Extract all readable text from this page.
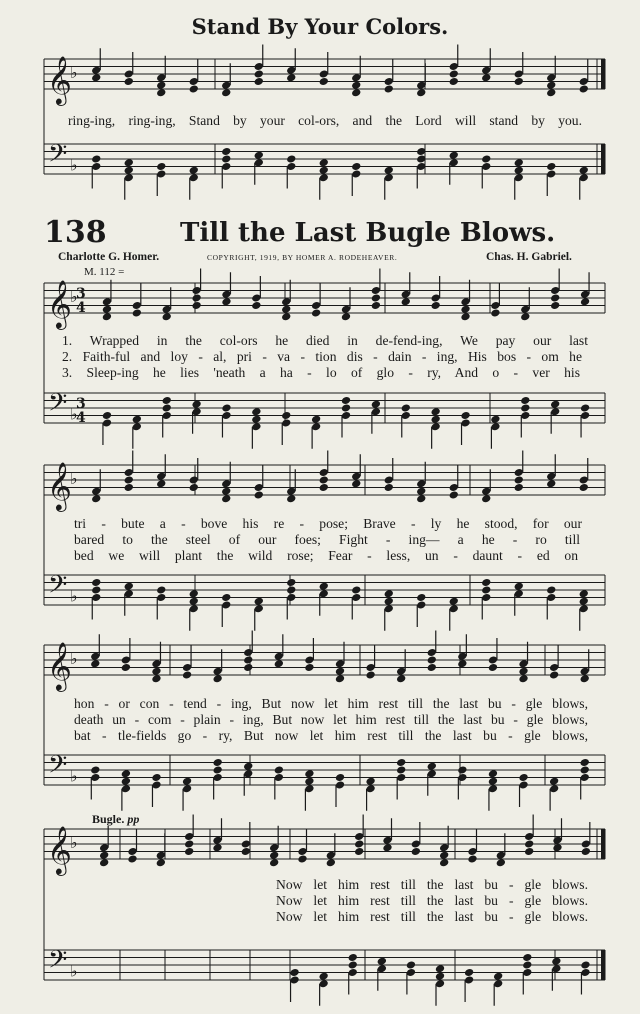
Stand By Your Colors.
ring-ing, ring-ing, Stand by your col-ors, and the Lord will stand by you.
138	Till the Last Bugle Blows.
Charlotte G. Homer.	COPYRIGHT, 1919, BY HOMER A. RODEHEAVER.	Chas. H. Gabriel.
M. 112 =
1. Wrapped in the col-ors he died in de-fend-ing, We pay our last
2. Faith-ful and loy - al, pri - va - tion dis - dain - ing, His bos - om he
3. Sleep-ing he lies 'neath a ha - lo of glo - ry, And o - ver his
tri - bute a - bove his re - pose; Brave - ly he stood, for our
bared to the steel of our foes; Fight - ing— a he - ro till
bed we will plant the wild rose; Fear - less, un - daunt - ed on
hon - or con - tend - ing, But now let him rest till the last bu - gle blows,
death un - com - plain - ing, But now let him rest till the last bu - gle blows,
bat - tle-fields go - ry, But now let him rest till the last bu - gle blows,
Bugle. pp
Now let him rest till the last bu - gle blows.
Now let him rest till the last bu - gle blows.
Now let him rest till the last bu - gle blows.
𝄞
𝄢
♭
♭
𝄞
𝄢
♭
♭
3
4
3
4
𝄞
𝄢
♭
♭
𝄞
𝄢
♭
♭
𝄞
𝄢
♭
♭
